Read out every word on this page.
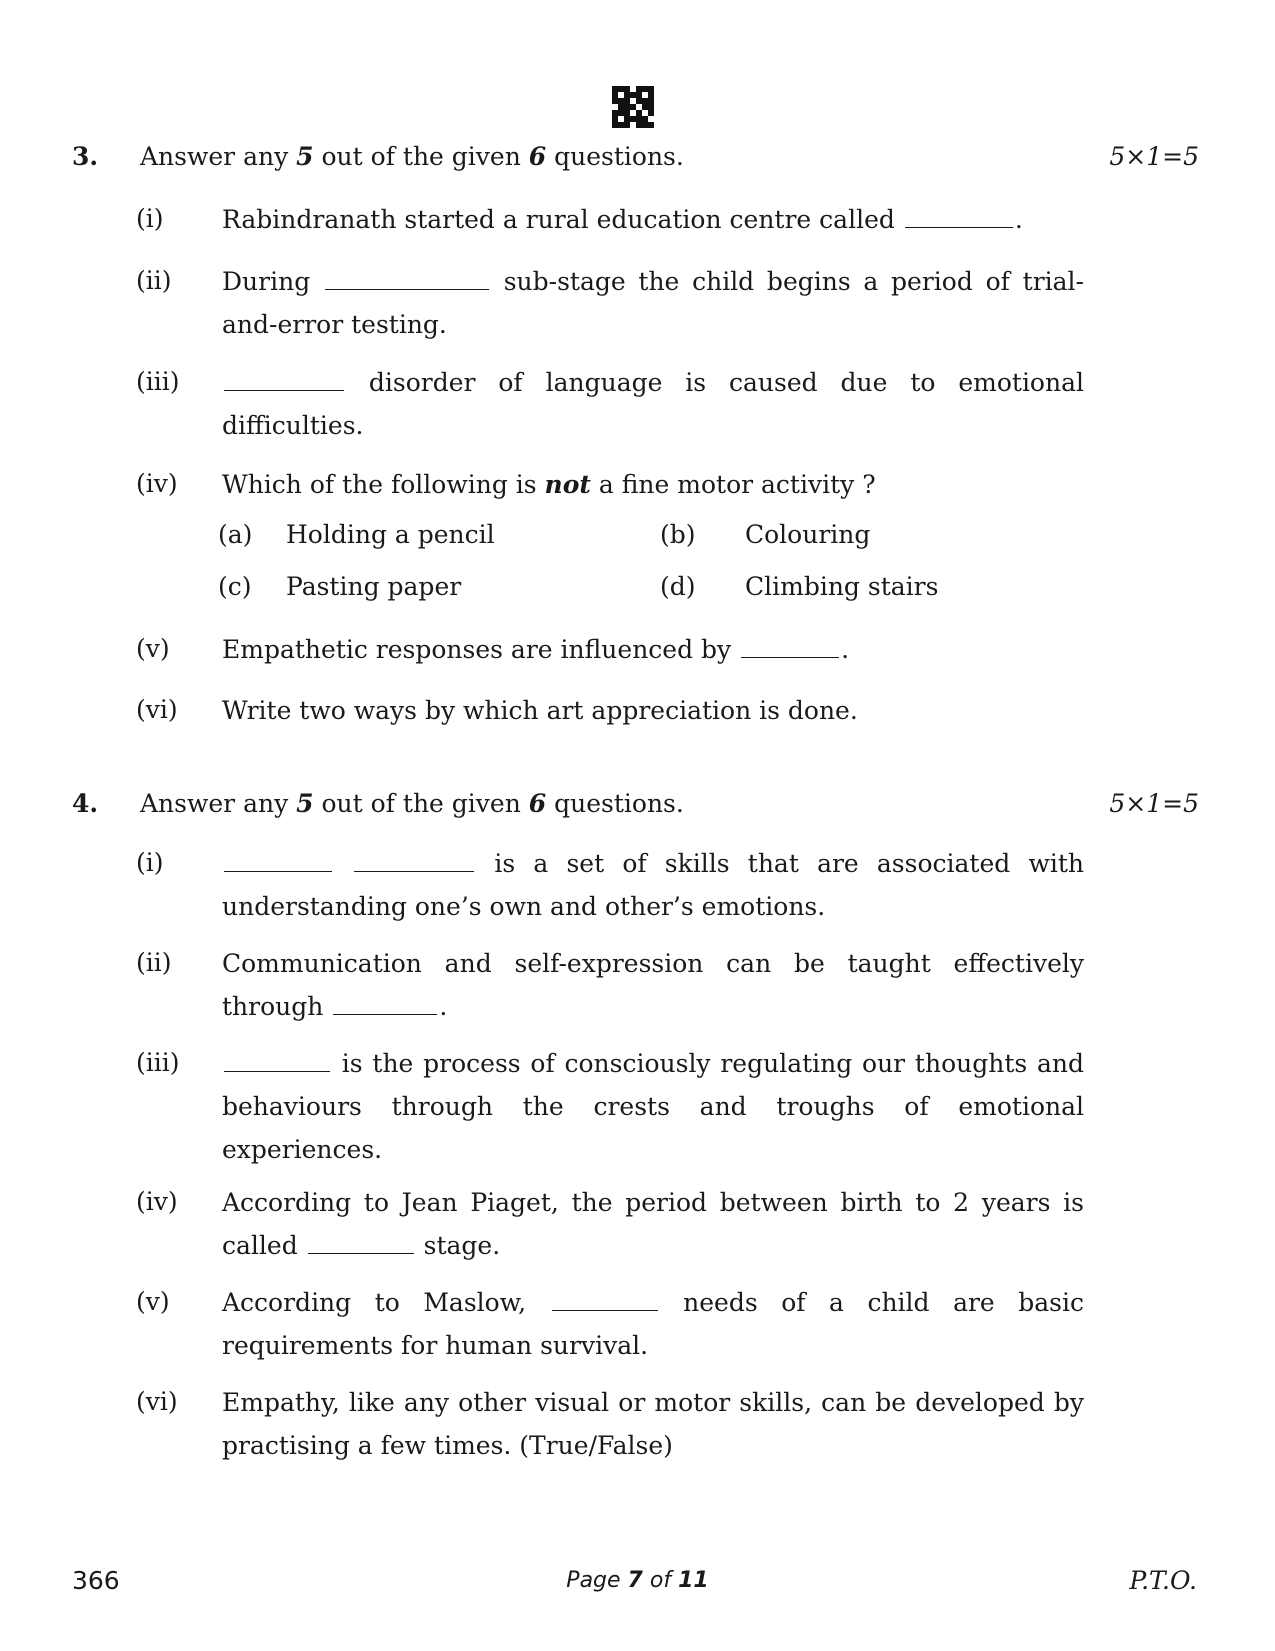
3. Answer any 5 out of the given 6 questions.	5×1=5
(i) Rabindranath started a rural education centre called	.
(ii) During	sub-stage the child begins a period of trial-and-error testing.
(iii)	disorder of language is caused due to emotional difficulties.
(iv) Which of the following is not a fine motor activity ?
(a) Holding a pencil	(b) Colouring
(c) Pasting paper	(d) Climbing stairs
(v) Empathetic responses are influenced by	.
(vi) Write two ways by which art appreciation is done.
4. Answer any 5 out of the given 6 questions.	5×1=5
(i)	is a set of skills that are associated with understanding one’s own and other’s emotions.
(ii) Communication and self-expression can be taught effectively through	.
(iii)	is the process of consciously regulating our thoughts and behaviours through the crests and troughs of emotional experiences.
(iv) According to Jean Piaget, the period between birth to 2 years is called	stage.
(v) According to Maslow,	needs of a child are basic requirements for human survival.
(vi) Empathy, like any other visual or motor skills, can be developed by practising a few times. (True/False)
366	Page 7 of 11	P.T.O.
